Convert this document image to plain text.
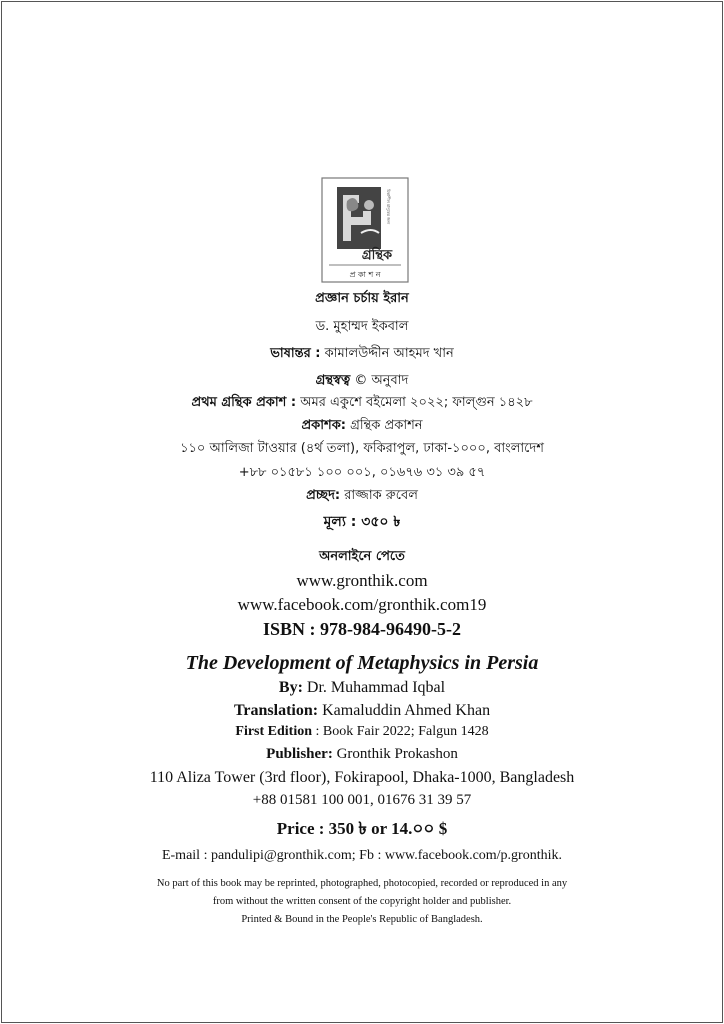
চিন্তাশীল মানুষের জন্য
গ্রন্থিক
প্র কা শ ন
প্রজ্ঞান চর্চায় ইরান
ড. মুহাম্মদ ইকবাল
ভাষান্তর : কামালউদ্দীন আহমদ খান
গ্রন্থস্বত্ব © অনুবাদ
প্রথম গ্রন্থিক প্রকাশ : অমর একুশে বইমেলা ২০২২; ফাল্গুন ১৪২৮
প্রকাশক: গ্রন্থিক প্রকাশন
১১০ আলিজা টাওয়ার (৪র্থ তলা), ফকিরাপুল, ঢাকা-১০০০, বাংলাদেশ
+৮৮ ০১৫৮১ ১০০ ০০১, ০১৬৭৬ ৩১ ৩৯ ৫৭
প্রচ্ছদ: রাজ্জাক রুবেল
মূল্য : ৩৫০ ৳
অনলাইনে পেতে
www.gronthik.com
www.facebook.com/gronthik.com19
ISBN : 978-984-96490-5-2
The Development of Metaphysics in Persia
By: Dr. Muhammad Iqbal
Translation: Kamaluddin Ahmed Khan
First Edition : Book Fair 2022; Falgun 1428
Publisher: Gronthik Prokashon
110 Aliza Tower (3rd floor), Fokirapool, Dhaka-1000, Bangladesh
+88 01581 100 001, 01676 31 39 57
Price : 350 ৳ or 14.০০ $
E-mail : pandulipi@gronthik.com; Fb : www.facebook.com/p.gronthik.
No part of this book may be reprinted, photographed, photocopied, recorded or reproduced in any
from without the written consent of the copyright holder and publisher.
Printed & Bound in the People's Republic of Bangladesh.
